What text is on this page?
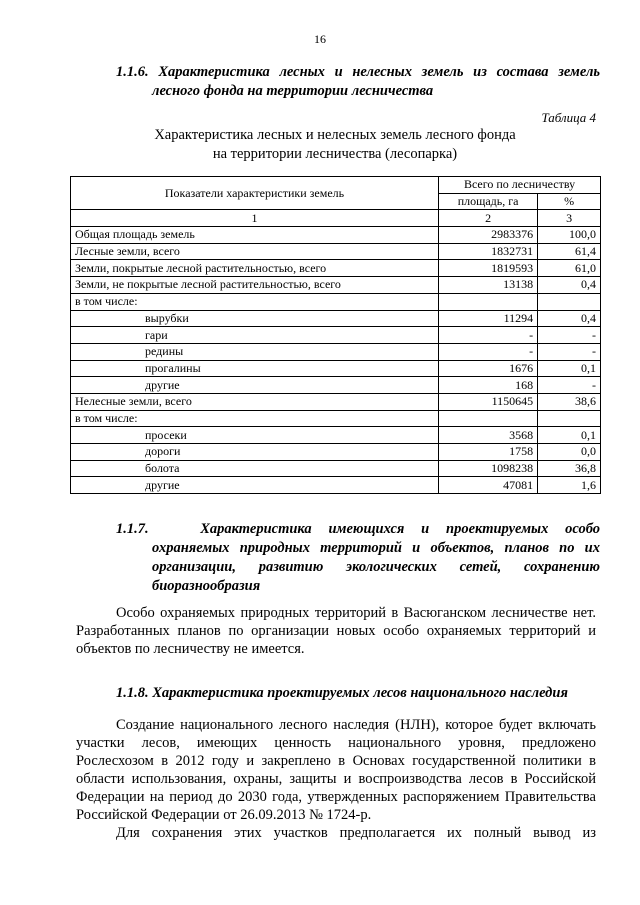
16
1.1.6. Характеристика лесных и нелесных земель из состава земель
лесного фонда на территории лесничества
Таблица 4
Характеристика лесных и нелесных земель лесного фонда
на территории лесничества (лесопарка)
Показатели характеристики земель	Всего по лесничеству	
	площадь, га	%
1	2	3
Общая площадь земель	2983376	100,0
Лесные земли, всего	1832731	61,4
Земли, покрытые лесной растительностью, всего	1819593	61,0
Земли, не покрытые лесной растительностью, всего	13138	0,4
в том числе:		
вырубки	11294	0,4
гари	-	-
редины	-	-
прогалины	1676	0,1
другие	168	-
Нелесные земли, всего	1150645	38,6
в том числе:		
просеки	3568	0,1
дороги	1758	0,0
болота	1098238	36,8
другие	47081	1,6
1.1.7.	Характеристика имеющихся и проектируемых особо
охраняемых природных территорий и объектов, планов по их
организации, развитию экологических сетей, сохранению
биоразнообразия

Особо охраняемых природных территорий в Васюганском лесничестве нет. Разработанных планов по организации новых особо охраняемых территорий и объектов по лесничеству не имеется.

1.1.8. Характеристика проектируемых лесов национального наследия

Создание национального лесного наследия (НЛН), которое будет включать участки лесов, имеющих ценность национального уровня, предложено Рослесхозом в 2012 году и закреплено в Основах государственной политики в области использования, охраны, защиты и воспроизводства лесов в Российской Федерации на период до 2030 года, утвержденных распоряжением Правительства Российской Федерации от 26.09.2013 № 1724-р.

Для сохранения этих участков предполагается их полный вывод из
